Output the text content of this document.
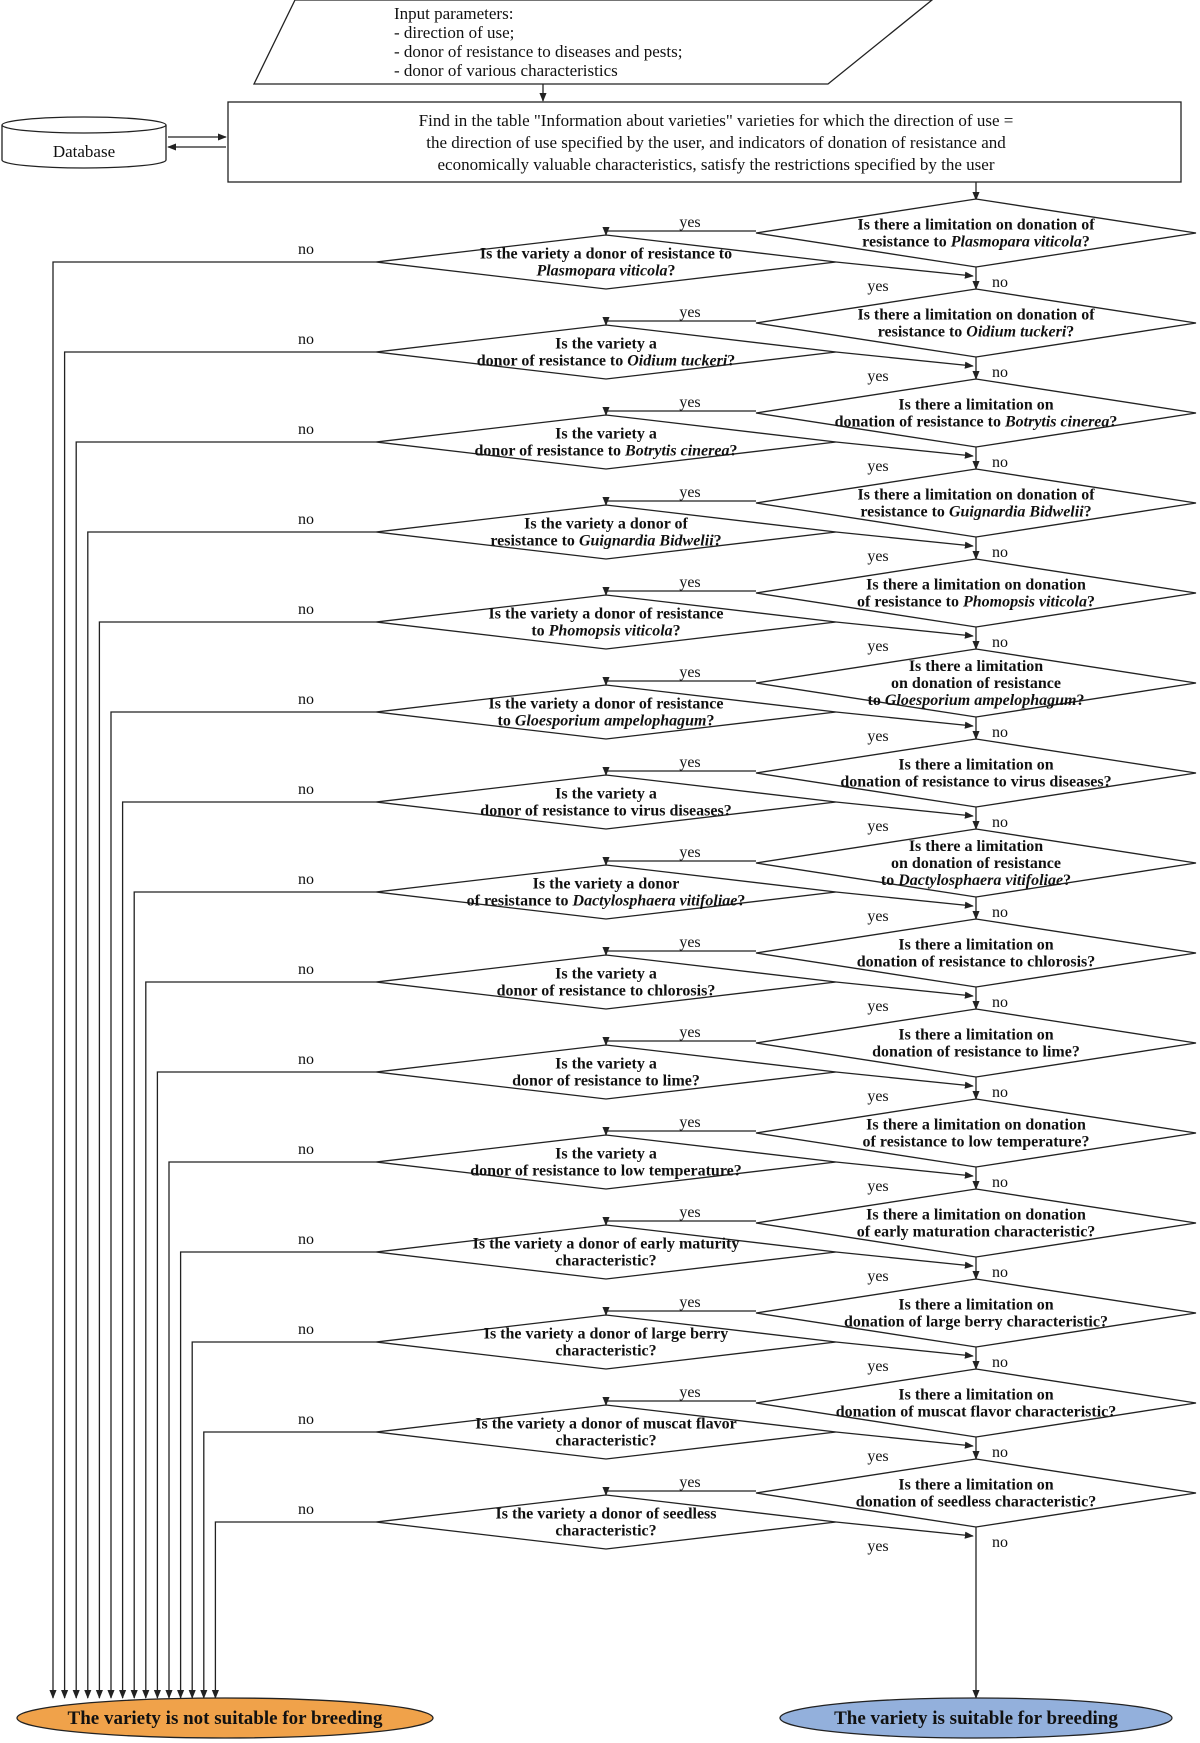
Input parameters:
- direction of use;
- donor of resistance to diseases and pests;
- donor of various characteristics
Database
Find in the table "Information about varieties" varieties for which the direction of use =
the direction of use specified by the user, and indicators of donation of resistance and
economically valuable characteristics, satisfy the restrictions specified by the user
Is there a limitation on donation of
resistance to Plasmopara viticola?
Is the variety a donor of resistance to
Plasmopara viticola?
yes
yes	no
no
Is there a limitation on donation of
resistance to Oidium tuckeri?
Is the variety a
donor of resistance to Oidium tuckeri?
yes
yes	no
no
Is there a limitation on
donation of resistance to Botrytis cinerea?
Is the variety a
donor of resistance to Botrytis cinerea?
yes
yes	no
no
Is there a limitation on donation of
resistance to Guignardia Bidwelii?
Is the variety a donor of
resistance to Guignardia Bidwelii?
yes
yes	no
no
Is there a limitation on donation
of resistance to Phomopsis viticola?
Is the variety a donor of resistance
to Phomopsis viticola?
yes
yes	no
no
Is there a limitation
on donation of resistance
to Gloesporium ampelophagum?
Is the variety a donor of resistance
to Gloesporium ampelophagum?
yes
yes	no
no
Is there a limitation on
donation of resistance to virus diseases?
Is the variety a
donor of resistance to virus diseases?
yes
yes	no
no
Is there a limitation
on donation of resistance
to Dactylosphaera vitifoliae?
Is the variety a donor
of resistance to Dactylosphaera vitifoliae?
yes
yes	no
no
Is there a limitation on
donation of resistance to chlorosis?
Is the variety a
donor of resistance to chlorosis?
yes
yes	no
no
Is there a limitation on
donation of resistance to lime?
Is the variety a
donor of resistance to lime?
yes
yes	no
no
Is there a limitation on donation
of resistance to low temperature?
Is the variety a
donor of resistance to low temperature?
yes
yes	no
no
Is there a limitation on donation
of early maturation characteristic?
Is the variety a donor of early maturity
characteristic?
yes
yes	no
no
Is there a limitation on
donation of large berry characteristic?
Is the variety a donor of large berry
characteristic?
yes
yes	no
no
Is there a limitation on
donation of muscat flavor characteristic?
Is the variety a donor of muscat flavor
characteristic?
yes
yes	no
no
Is there a limitation on
donation of seedless characteristic?
Is the variety a donor of seedless
characteristic?
yes
yes	no
no
The variety is not suitable for breeding	The variety is suitable for breeding
